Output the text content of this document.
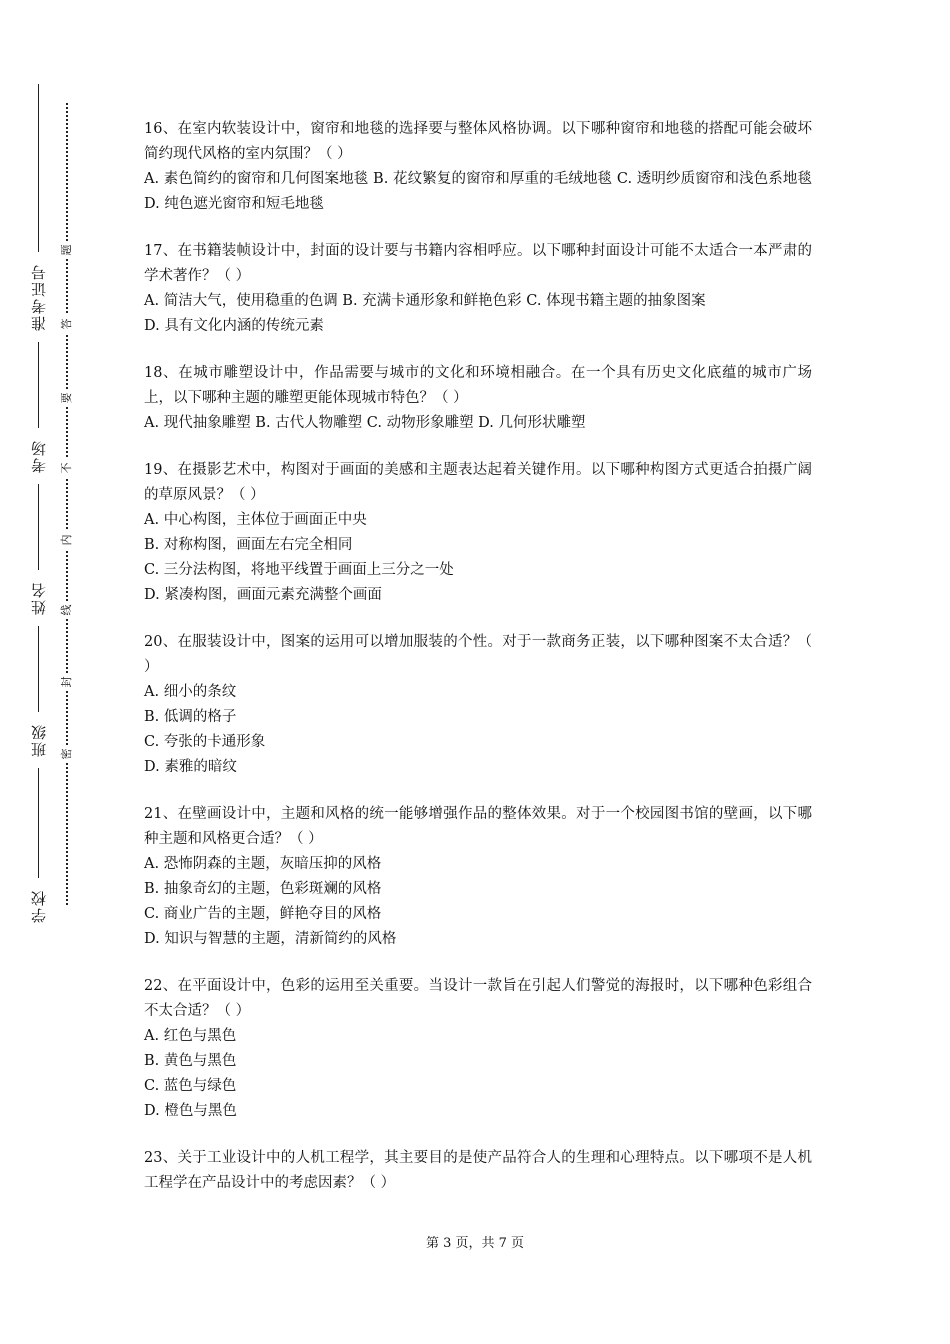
准考证号
考场
姓名
班级
学校
题
答
要
不
内
线
封
密

16、在室内软装设计中，窗帘和地毯的选择要与整体风格协调。以下哪种窗帘和地毯的搭配可能会破坏简约现代风格的室内氛围？（ ）

A. 素色简约的窗帘和几何图案地毯 B. 花纹繁复的窗帘和厚重的毛绒地毯 C. 透明纱质窗帘和浅色系地毯 D. 纯色遮光窗帘和短毛地毯

17、在书籍装帧设计中，封面的设计要与书籍内容相呼应。以下哪种封面设计可能不太适合一本严肃的学术著作？（ ）

A. 简洁大气，使用稳重的色调 B. 充满卡通形象和鲜艳色彩 C. 体现书籍主题的抽象图案

D. 具有文化内涵的传统元素

18、在城市雕塑设计中，作品需要与城市的文化和环境相融合。在一个具有历史文化底蕴的城市广场上，以下哪种主题的雕塑更能体现城市特色？（ ）

A. 现代抽象雕塑 B. 古代人物雕塑 C. 动物形象雕塑 D. 几何形状雕塑

19、在摄影艺术中，构图对于画面的美感和主题表达起着关键作用。以下哪种构图方式更适合拍摄广阔的草原风景？（ ）

A. 中心构图，主体位于画面正中央

B. 对称构图，画面左右完全相同

C. 三分法构图，将地平线置于画面上三分之一处

D. 紧凑构图，画面元素充满整个画面

20、在服装设计中，图案的运用可以增加服装的个性。对于一款商务正装，以下哪种图案不太合适？（ ）

A. 细小的条纹

B. 低调的格子

C. 夸张的卡通形象

D. 素雅的暗纹

21、在壁画设计中，主题和风格的统一能够增强作品的整体效果。对于一个校园图书馆的壁画，以下哪种主题和风格更合适？（ ）

A. 恐怖阴森的主题，灰暗压抑的风格

B. 抽象奇幻的主题，色彩斑斓的风格

C. 商业广告的主题，鲜艳夺目的风格

D. 知识与智慧的主题，清新简约的风格

22、在平面设计中，色彩的运用至关重要。当设计一款旨在引起人们警觉的海报时，以下哪种色彩组合不太合适？（ ）

A. 红色与黑色

B. 黄色与黑色

C. 蓝色与绿色

D. 橙色与黑色

23、关于工业设计中的人机工程学，其主要目的是使产品符合人的生理和心理特点。以下哪项不是人机工程学在产品设计中的考虑因素？（ ）

第 3 页，共 7 页
